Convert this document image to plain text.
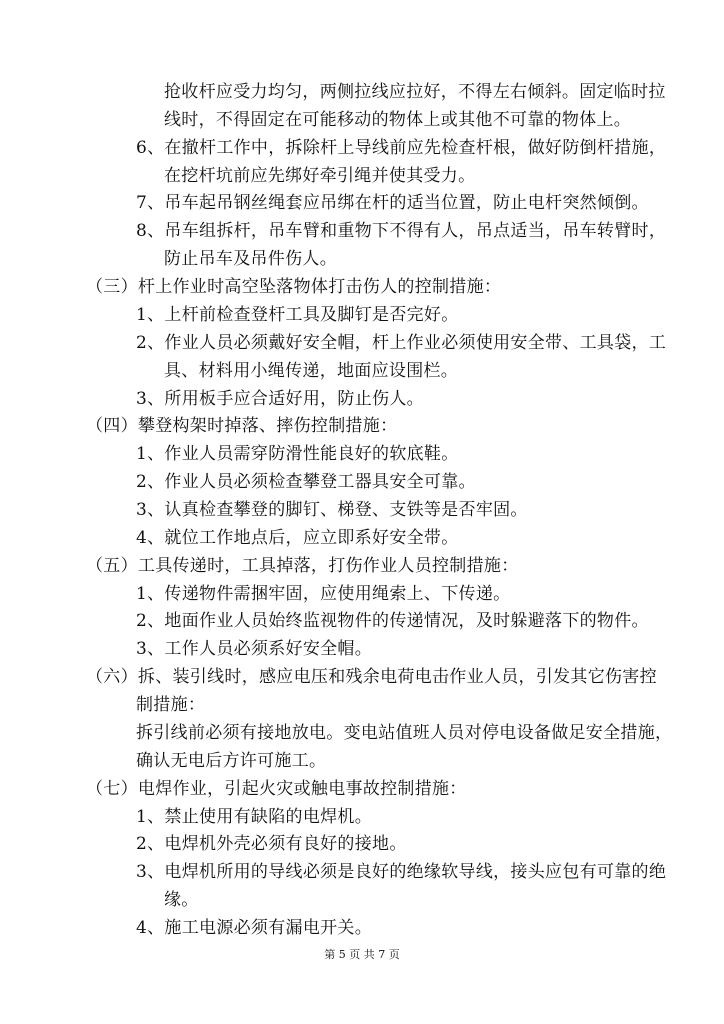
抢收杆应受力均匀，两侧拉线应拉好，不得左右倾斜。固定临时拉
线时，不得固定在可能移动的物体上或其他不可靠的物体上。
6、在撤杆工作中，拆除杆上导线前应先检查杆根，做好防倒杆措施，
在挖杆坑前应先绑好牵引绳并使其受力。
7、吊车起吊钢丝绳套应吊绑在杆的适当位置，防止电杆突然倾倒。
8、吊车组拆杆，吊车臂和重物下不得有人，吊点适当，吊车转臂时，
防止吊车及吊件伤人。
（三）杆上作业时高空坠落物体打击伤人的控制措施：
1、上杆前检查登杆工具及脚钉是否完好。
2、作业人员必须戴好安全帽，杆上作业必须使用安全带、工具袋，工
具、材料用小绳传递，地面应设围栏。
3、所用板手应合适好用，防止伤人。
（四）攀登构架时掉落、摔伤控制措施：
1、作业人员需穿防滑性能良好的软底鞋。
2、作业人员必须检查攀登工器具安全可靠。
3、认真检查攀登的脚钉、梯登、支铁等是否牢固。
4、就位工作地点后，应立即系好安全带。
（五）工具传递时，工具掉落，打伤作业人员控制措施：
1、传递物件需捆牢固，应使用绳索上、下传递。
2、地面作业人员始终监视物件的传递情况，及时躲避落下的物件。
3、工作人员必须系好安全帽。
（六）拆、装引线时，感应电压和残余电荷电击作业人员，引发其它伤害控
制措施：
拆引线前必须有接地放电。变电站值班人员对停电设备做足安全措施，
确认无电后方许可施工。
（七）电焊作业，引起火灾或触电事故控制措施：
1、禁止使用有缺陷的电焊机。
2、电焊机外壳必须有良好的接地。
3、电焊机所用的导线必须是良好的绝缘软导线，接头应包有可靠的绝
缘。
4、施工电源必须有漏电开关。
第 5 页 共 7 页
